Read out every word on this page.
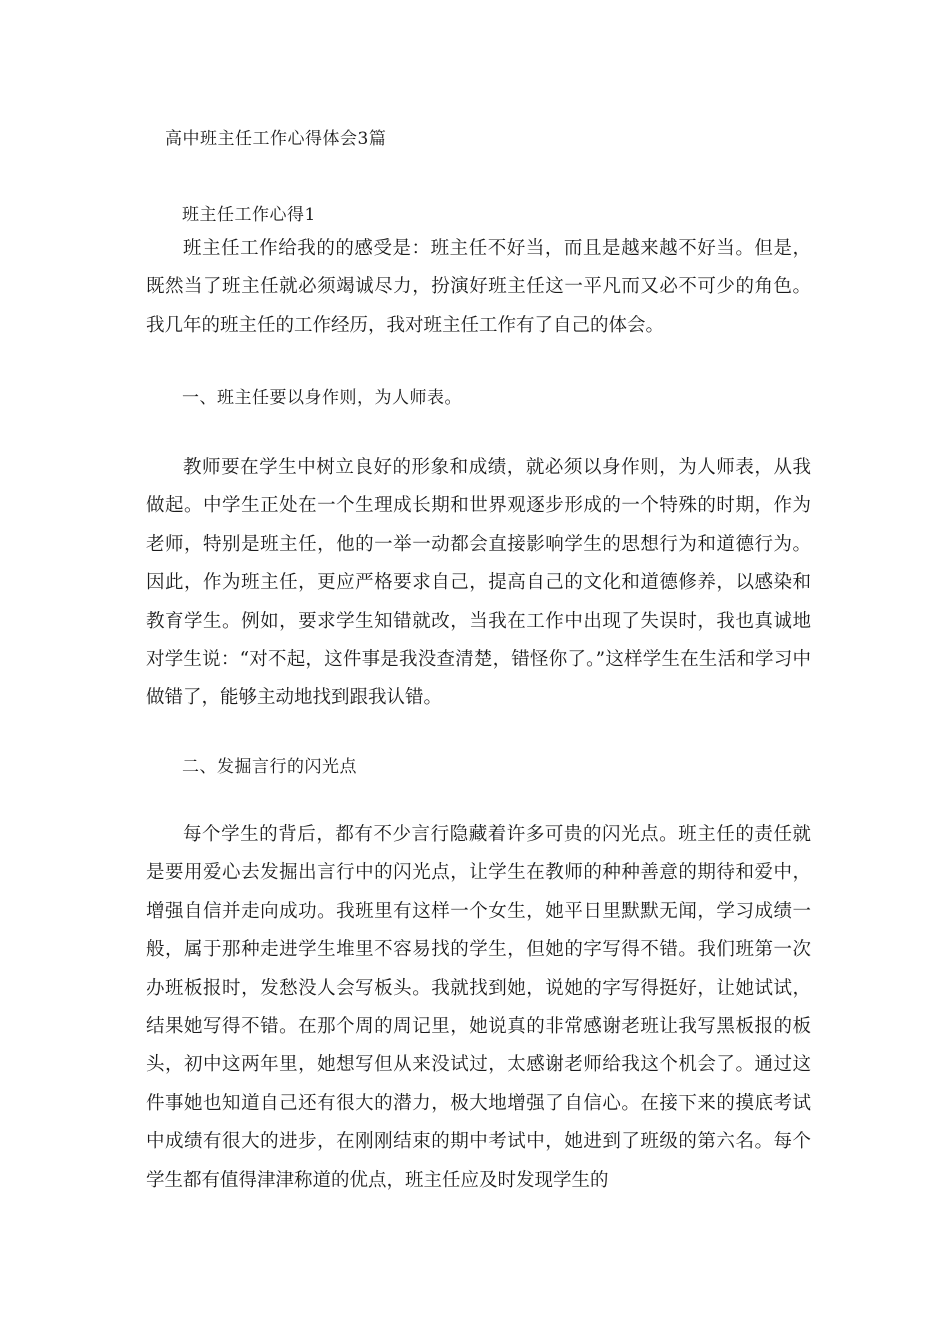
高中班主任工作心得体会3篇
班主任工作心得1

班主任工作给我的的感受是：班主任不好当，而且是越来越不好当。但是，既然当了班主任就必须竭诚尽力，扮演好班主任这一平凡而又必不可少的角色。我几年的班主任的工作经历，我对班主任工作有了自己的体会。

一、班主任要以身作则，为人师表。

教师要在学生中树立良好的形象和成绩，就必须以身作则，为人师表，从我做起。中学生正处在一个生理成长期和世界观逐步形成的一个特殊的时期，作为老师，特别是班主任，他的一举一动都会直接影响学生的思想行为和道德行为。因此，作为班主任，更应严格要求自己，提高自己的文化和道德修养，以感染和教育学生。例如，要求学生知错就改，当我在工作中出现了失误时，我也真诚地对学生说：“对不起，这件事是我没查清楚，错怪你了。”这样学生在生活和学习中做错了，能够主动地找到跟我认错。

二、发掘言行的闪光点

每个学生的背后，都有不少言行隐藏着许多可贵的闪光点。班主任的责任就是要用爱心去发掘出言行中的闪光点，让学生在教师的种种善意的期待和爱中，增强自信并走向成功。我班里有这样一个女生，她平日里默默无闻，学习成绩一般，属于那种走进学生堆里不容易找的学生，但她的字写得不错。我们班第一次办班板报时，发愁没人会写板头。我就找到她，说她的字写得挺好，让她试试，结果她写得不错。在那个周的周记里，她说真的非常感谢老班让我写黑板报的板头，初中这两年里，她想写但从来没试过，太感谢老师给我这个机会了。通过这件事她也知道自己还有很大的潜力，极大地增强了自信心。在接下来的摸底考试中成绩有很大的进步，在刚刚结束的期中考试中，她进到了班级的第六名。每个学生都有值得津津称道的优点，班主任应及时发现学生的
